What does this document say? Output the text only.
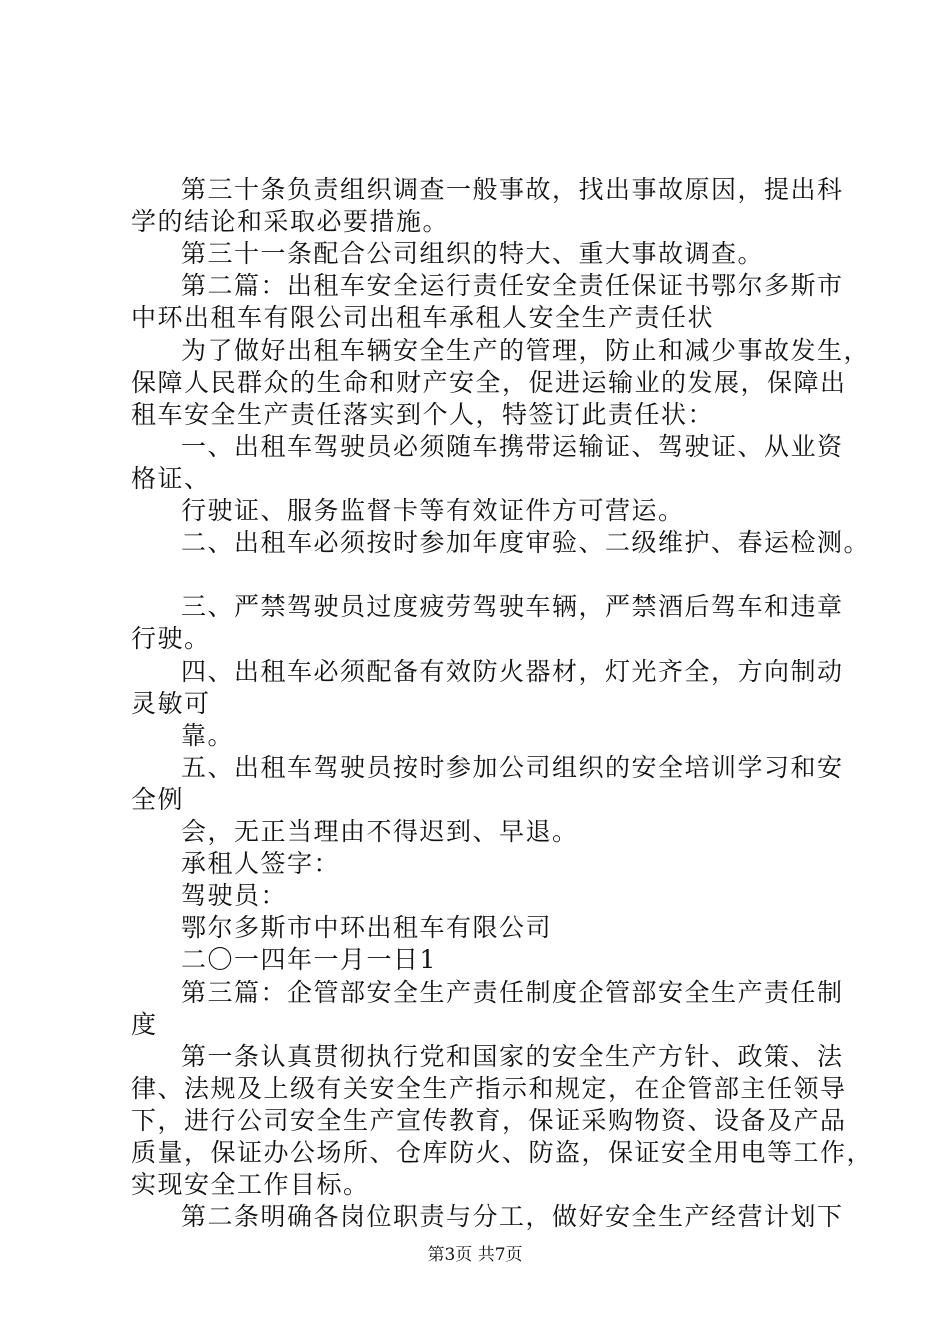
第三十条负责组织调查一般事故，找出事故原因，提出科
学的结论和采取必要措施。
第三十一条配合公司组织的特大、重大事故调查。
第二篇：出租车安全运行责任安全责任保证书鄂尔多斯市
中环出租车有限公司出租车承租人安全生产责任状
为了做好出租车辆安全生产的管理，防止和减少事故发生，
保障人民群众的生命和财产安全，促进运输业的发展，保障出
租车安全生产责任落实到个人，特签订此责任状：
一、出租车驾驶员必须随车携带运输证、驾驶证、从业资
格证、
行驶证、服务监督卡等有效证件方可营运。
二、出租车必须按时参加年度审验、二级维护、春运检测。
三、严禁驾驶员过度疲劳驾驶车辆，严禁酒后驾车和违章
行驶。
四、出租车必须配备有效防火器材，灯光齐全，方向制动
灵敏可
靠。
五、出租车驾驶员按时参加公司组织的安全培训学习和安
全例
会，无正当理由不得迟到、早退。
承租人签字：
驾驶员：
鄂尔多斯市中环出租车有限公司
二〇一四年一月一日1
第三篇：企管部安全生产责任制度企管部安全生产责任制
度
第一条认真贯彻执行党和国家的安全生产方针、政策、法
律、法规及上级有关安全生产指示和规定，在企管部主任领导
下，进行公司安全生产宣传教育，保证采购物资、设备及产品
质量，保证办公场所、仓库防火、防盗，保证安全用电等工作，
实现安全工作目标。
第二条明确各岗位职责与分工，做好安全生产经营计划下
第3页 共7页
